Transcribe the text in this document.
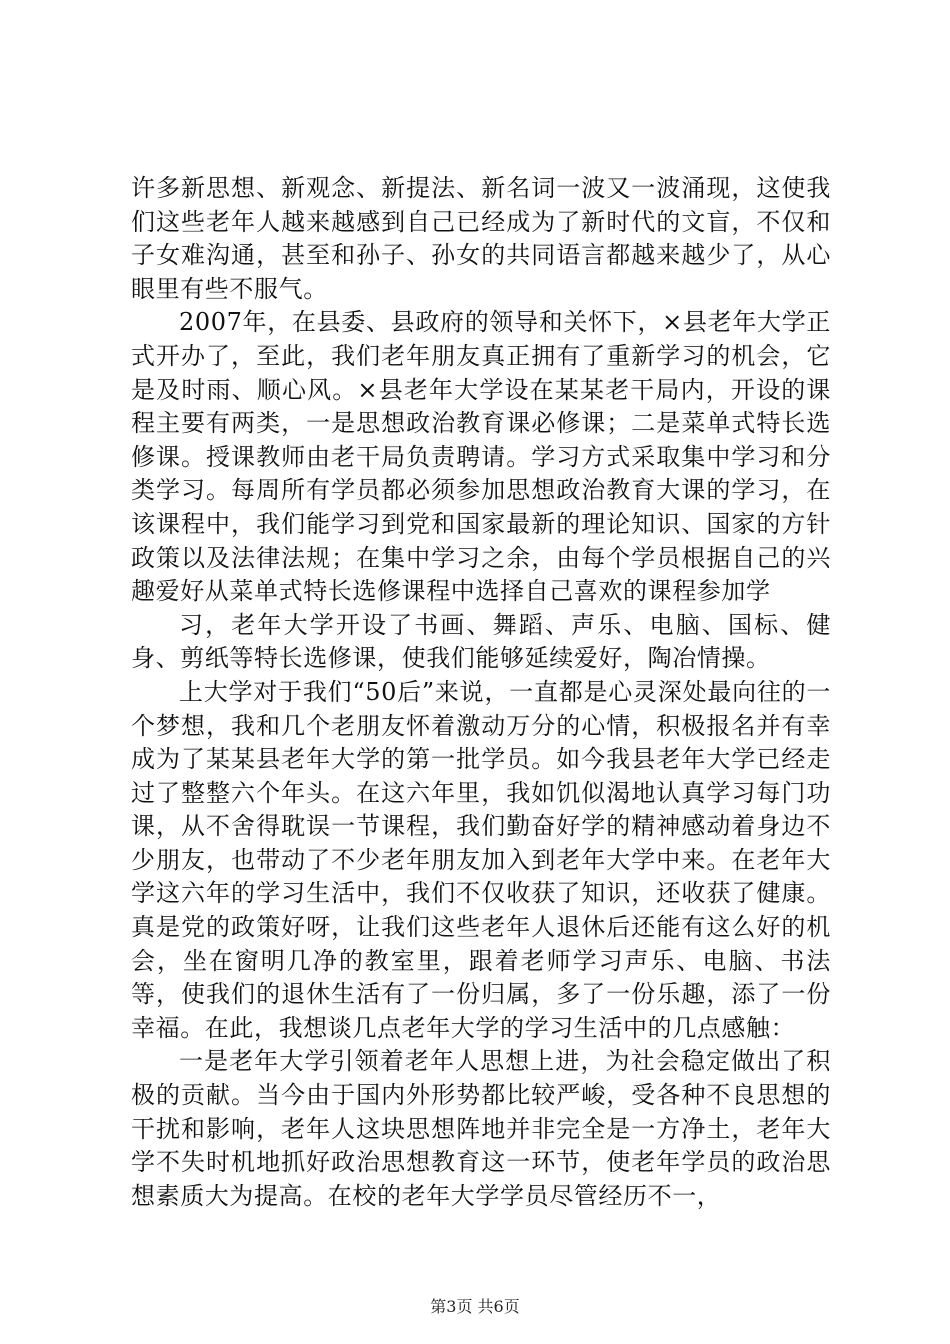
许多新思想、新观念、新提法、新名词一波又一波涌现，这使我们这些老年人越来越感到自己已经成为了新时代的文盲，不仅和子女难沟通，甚至和孙子、孙女的共同语言都越来越少了，从心眼里有些不服气。

2007年，在县委、县政府的领导和关怀下，×县老年大学正式开办了，至此，我们老年朋友真正拥有了重新学习的机会，它是及时雨、顺心风。×县老年大学设在某某老干局内，开设的课程主要有两类，一是思想政治教育课必修课；二是菜单式特长选修课。授课教师由老干局负责聘请。学习方式采取集中学习和分类学习。每周所有学员都必须参加思想政治教育大课的学习，在该课程中，我们能学习到党和国家最新的理论知识、国家的方针政策以及法律法规；在集中学习之余，由每个学员根据自己的兴趣爱好从菜单式特长选修课程中选择自己喜欢的课程参加学

习，老年大学开设了书画、舞蹈、声乐、电脑、国标、健身、剪纸等特长选修课，使我们能够延续爱好，陶冶情操。

上大学对于我们“50后”来说，一直都是心灵深处最向往的一个梦想，我和几个老朋友怀着激动万分的心情，积极报名并有幸成为了某某县老年大学的第一批学员。如今我县老年大学已经走过了整整六个年头。在这六年里，我如饥似渴地认真学习每门功课，从不舍得耽误一节课程，我们勤奋好学的精神感动着身边不少朋友，也带动了不少老年朋友加入到老年大学中来。在老年大学这六年的学习生活中，我们不仅收获了知识，还收获了健康。真是党的政策好呀，让我们这些老年人退休后还能有这么好的机会，坐在窗明几净的教室里，跟着老师学习声乐、电脑、书法等，使我们的退休生活有了一份归属，多了一份乐趣，添了一份幸福。在此，我想谈几点老年大学的学习生活中的几点感触：

一是老年大学引领着老年人思想上进，为社会稳定做出了积极的贡献。当今由于国内外形势都比较严峻，受各种不良思想的干扰和影响，老年人这块思想阵地并非完全是一方净土，老年大学不失时机地抓好政治思想教育这一环节，使老年学员的政治思想素质大为提高。在校的老年大学学员尽管经历不一，

第3页 共6页
